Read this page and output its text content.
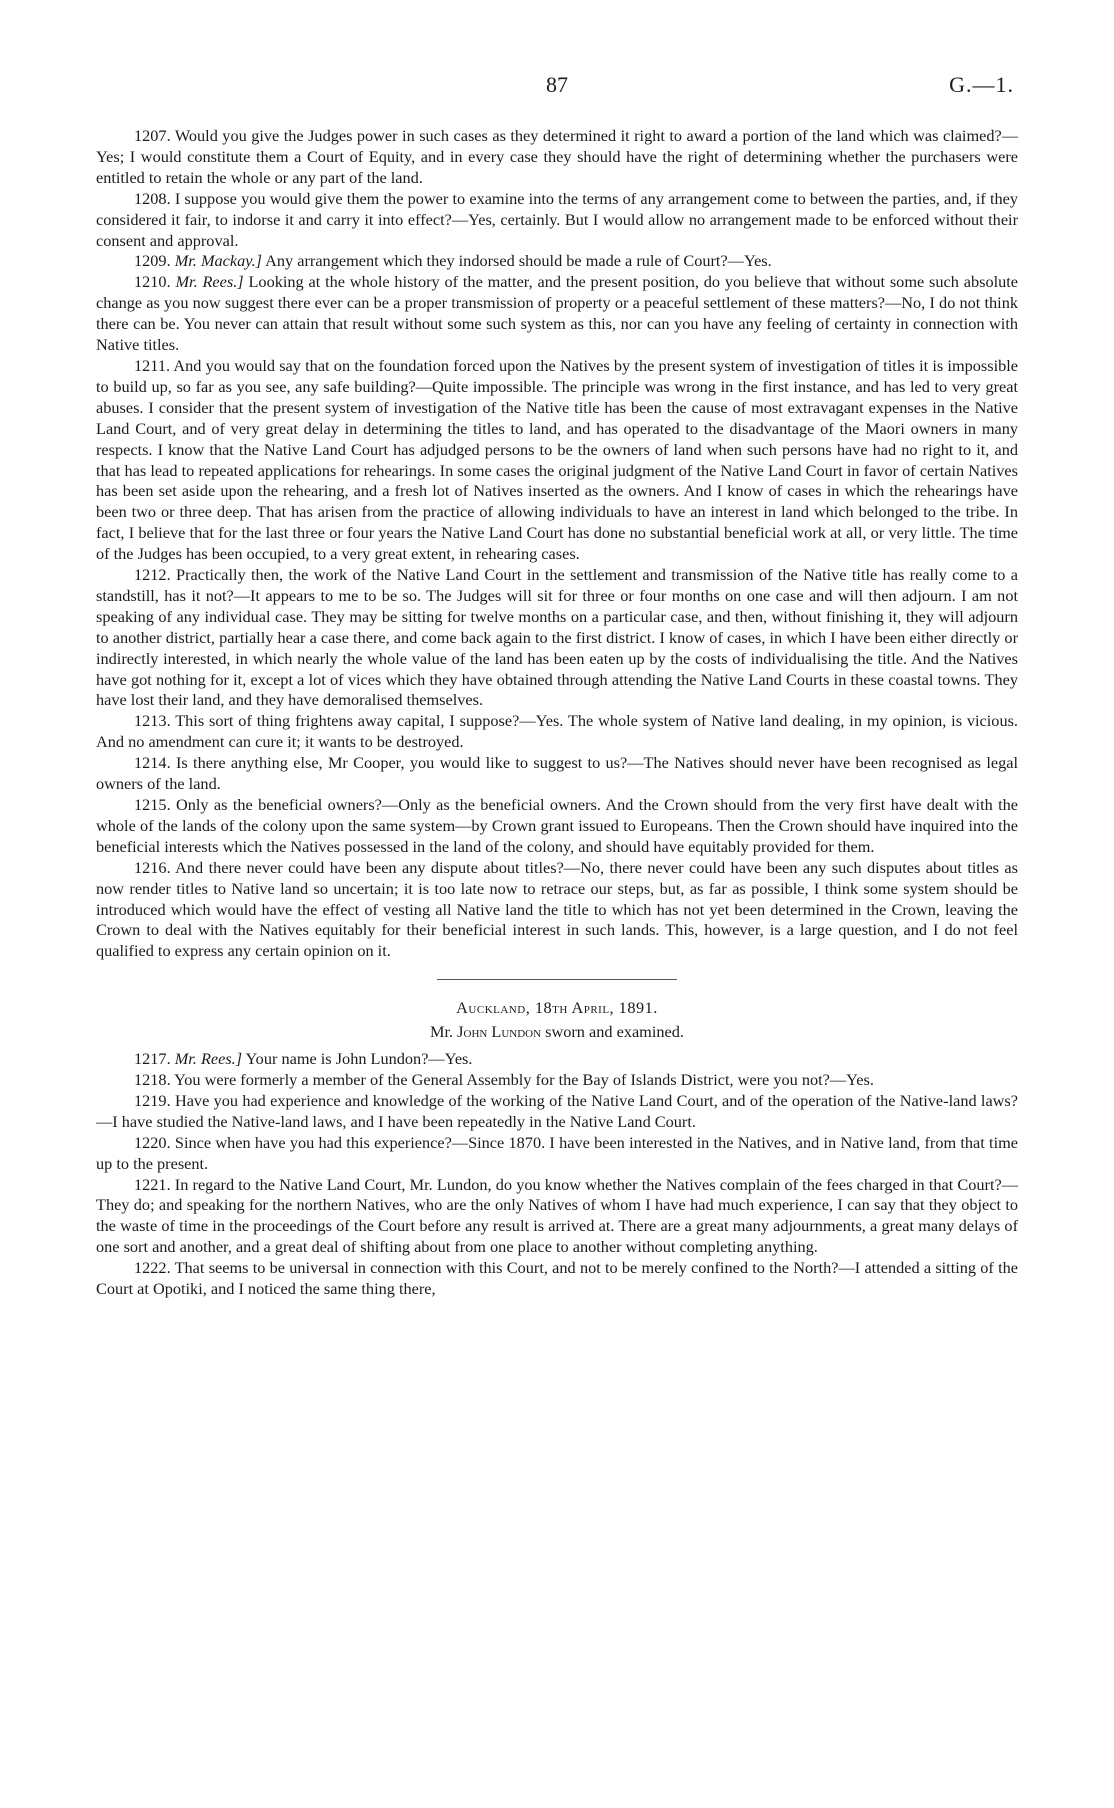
87	G.—1.

1207. Would you give the Judges power in such cases as they determined it right to award a portion of the land which was claimed?—Yes; I would constitute them a Court of Equity, and in every case they should have the right of determining whether the purchasers were entitled to retain the whole or any part of the land.

1208. I suppose you would give them the power to examine into the terms of any arrangement come to between the parties, and, if they considered it fair, to indorse it and carry it into effect?—Yes, certainly. But I would allow no arrangement made to be enforced without their consent and approval.

1209. Mr. Mackay.] Any arrangement which they indorsed should be made a rule of Court?—Yes.

1210. Mr. Rees.] Looking at the whole history of the matter, and the present position, do you believe that without some such absolute change as you now suggest there ever can be a proper transmission of property or a peaceful settlement of these matters?—No, I do not think there can be. You never can attain that result without some such system as this, nor can you have any feeling of certainty in connection with Native titles.

1211. And you would say that on the foundation forced upon the Natives by the present system of investigation of titles it is impossible to build up, so far as you see, any safe building?—Quite impossible. The principle was wrong in the first instance, and has led to very great abuses. I consider that the present system of investigation of the Native title has been the cause of most extravagant expenses in the Native Land Court, and of very great delay in determining the titles to land, and has operated to the disadvantage of the Maori owners in many respects. I know that the Native Land Court has adjudged persons to be the owners of land when such persons have had no right to it, and that has lead to repeated applications for rehearings. In some cases the original judgment of the Native Land Court in favor of certain Natives has been set aside upon the rehearing, and a fresh lot of Natives inserted as the owners. And I know of cases in which the rehearings have been two or three deep. That has arisen from the practice of allowing individuals to have an interest in land which belonged to the tribe. In fact, I believe that for the last three or four years the Native Land Court has done no substantial beneficial work at all, or very little. The time of the Judges has been occupied, to a very great extent, in rehearing cases.

1212. Practically then, the work of the Native Land Court in the settlement and transmission of the Native title has really come to a standstill, has it not?—It appears to me to be so. The Judges will sit for three or four months on one case and will then adjourn. I am not speaking of any individual case. They may be sitting for twelve months on a particular case, and then, without finishing it, they will adjourn to another district, partially hear a case there, and come back again to the first district. I know of cases, in which I have been either directly or indirectly interested, in which nearly the whole value of the land has been eaten up by the costs of individualising the title. And the Natives have got nothing for it, except a lot of vices which they have obtained through attending the Native Land Courts in these coastal towns. They have lost their land, and they have demoralised themselves.

1213. This sort of thing frightens away capital, I suppose?—Yes. The whole system of Native land dealing, in my opinion, is vicious. And no amendment can cure it; it wants to be destroyed.

1214. Is there anything else, Mr Cooper, you would like to suggest to us?—The Natives should never have been recognised as legal owners of the land.

1215. Only as the beneficial owners?—Only as the beneficial owners. And the Crown should from the very first have dealt with the whole of the lands of the colony upon the same system—by Crown grant issued to Europeans. Then the Crown should have inquired into the beneficial interests which the Natives possessed in the land of the colony, and should have equitably provided for them.

1216. And there never could have been any dispute about titles?—No, there never could have been any such disputes about titles as now render titles to Native land so uncertain; it is too late now to retrace our steps, but, as far as possible, I think some system should be introduced which would have the effect of vesting all Native land the title to which has not yet been determined in the Crown, leaving the Crown to deal with the Natives equitably for their beneficial interest in such lands. This, however, is a large question, and I do not feel qualified to express any certain opinion on it.

Auckland, 18th April, 1891.

Mr. John Lundon sworn and examined.

1217. Mr. Rees.] Your name is John Lundon?—Yes.

1218. You were formerly a member of the General Assembly for the Bay of Islands District, were you not?—Yes.

1219. Have you had experience and knowledge of the working of the Native Land Court, and of the operation of the Native-land laws?—I have studied the Native-land laws, and I have been repeatedly in the Native Land Court.

1220. Since when have you had this experience?—Since 1870. I have been interested in the Natives, and in Native land, from that time up to the present.

1221. In regard to the Native Land Court, Mr. Lundon, do you know whether the Natives complain of the fees charged in that Court?—They do; and speaking for the northern Natives, who are the only Natives of whom I have had much experience, I can say that they object to the waste of time in the proceedings of the Court before any result is arrived at. There are a great many adjournments, a great many delays of one sort and another, and a great deal of shifting about from one place to another without completing anything.

1222. That seems to be universal in connection with this Court, and not to be merely confined to the North?—I attended a sitting of the Court at Opotiki, and I noticed the same thing there,
